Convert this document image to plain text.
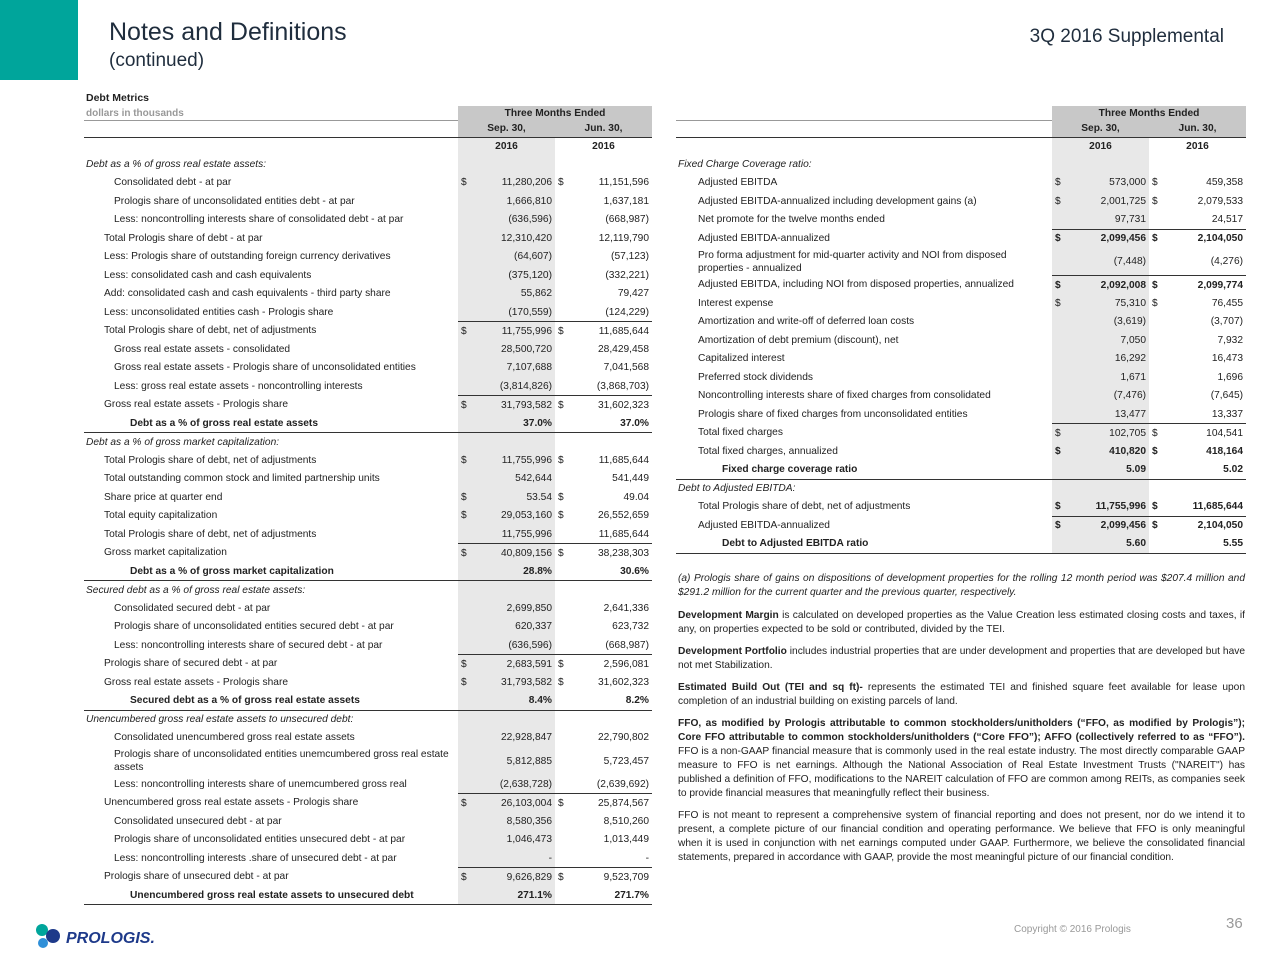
Notes and Definitions
(continued)
3Q 2016 Supplemental
Debt Metrics
dollars in thousands
		Three Months Ended	
	Sep. 30,	Jun. 30,
	2016	2016
Debt as a % of gross real estate assets:	

Consolidated debt - at par	$ 11,280,206	$ 11,151,596
Prologis share of unconsolidated entities debt - at par	1,666,810	1,637,181
Less: noncontrolling interests share of consolidated debt - at par	(636,596)	(668,987)
Total Prologis share of debt - at par	12,310,420	12,119,790
Less: Prologis share of outstanding foreign currency derivatives	(64,607)	(57,123)
Less: consolidated cash and cash equivalents	(375,120)	(332,221)
Add: consolidated cash and cash equivalents - third party share	55,862	79,427
Less: unconsolidated entities cash - Prologis share	(170,559)	(124,229)
Total Prologis share of debt, net of adjustments	$ 11,755,996	$ 11,685,644
Gross real estate assets - consolidated	28,500,720	28,429,458
Gross real estate assets - Prologis share of unconsolidated entities	7,107,688	7,041,568
Less: gross real estate assets - noncontrolling interests	(3,814,826)	(3,868,703)
Gross real estate assets - Prologis share	$ 31,793,582	$ 31,602,323
Debt as a % of gross real estate assets	37.0%	37.0%
Debt as a % of gross market capitalization:	

Total Prologis share of debt, net of adjustments	$ 11,755,996	$ 11,685,644
Total outstanding common stock and limited partnership units	542,644	541,449
Share price at quarter end	$ 53.54	$ 49.04
Total equity capitalization	$ 29,053,160	$ 26,552,659
Total Prologis share of debt, net of adjustments	11,755,996	11,685,644
Gross market capitalization	$ 40,809,156	$ 38,238,303
Debt as a % of gross market capitalization	28.8%	30.6%
Secured debt as a % of gross real estate assets:	

Consolidated secured debt - at par	2,699,850	2,641,336
Prologis share of unconsolidated entities secured debt - at par	620,337	623,732
Less: noncontrolling interests share of secured debt - at par	(636,596)	(668,987)
Prologis share of secured debt - at par	$ 2,683,591	$ 2,596,081
Gross real estate assets - Prologis share	$ 31,793,582	$ 31,602,323
Secured debt as a % of gross real estate assets	8.4%	8.2%
Unencumbered gross real estate assets to unsecured debt:	

Consolidated unencumbered gross real estate assets	22,928,847	22,790,802
Prologis share of unconsolidated entities unemcumbered gross real estate assets	5,812,885	5,723,457
Less: noncontrolling interests share of unemcumbered gross real	(2,638,728)	(2,639,692)
Unencumbered gross real estate assets - Prologis share	$ 26,103,004	$ 25,874,567
Consolidated unsecured debt - at par	8,580,356	8,510,260
Prologis share of unconsolidated entities unsecured debt - at par	1,046,473	1,013,449
Less: noncontrolling interests .share of unsecured debt - at par	-	-
Prologis share of unsecured debt - at par	$ 9,626,829	$ 9,523,709
Unencumbered gross real estate assets to unsecured debt	271.1%	271.7%
	Three Months Ended	
	Sep. 30,	Jun. 30,
	2016	2016
Fixed Charge Coverage ratio:	

Adjusted EBITDA	$ 573,000	$ 459,358
Adjusted EBITDA-annualized including development gains (a)	$ 2,001,725	$ 2,079,533
Net promote for the twelve months ended	97,731	24,517
Adjusted EBITDA-annualized	$ 2,099,456	$ 2,104,050
Pro forma adjustment for mid-quarter activity and NOI from disposed properties - annualized	(7,448)	(4,276)
Adjusted EBITDA, including NOI from disposed properties, annualized	$ 2,092,008	$ 2,099,774
Interest expense	$ 75,310	$ 76,455
Amortization and write-off of deferred loan costs	(3,619)	(3,707)
Amortization of debt premium (discount), net	7,050	7,932
Capitalized interest	16,292	16,473
Preferred stock dividends	1,671	1,696
Noncontrolling interests share of fixed charges from consolidated	(7,476)	(7,645)
Prologis share of fixed charges from unconsolidated entities	13,477	13,337
Total fixed charges	$ 102,705	$ 104,541
Total fixed charges, annualized	$ 410,820	$ 418,164
Fixed charge coverage ratio	5.09	5.02
Debt to Adjusted EBITDA:	

Total Prologis share of debt, net of adjustments	$ 11,755,996	$ 11,685,644
Adjusted EBITDA-annualized	$ 2,099,456	$ 2,104,050
Debt to Adjusted EBITDA ratio	5.60	5.55

(a) Prologis share of gains on dispositions of development properties for the rolling 12 month period was $207.4 million and $291.2 million for the current quarter and the previous quarter, respectively.

Development Margin is calculated on developed properties as the Value Creation less estimated closing costs and taxes, if any, on properties expected to be sold or contributed, divided by the TEI.

Development Portfolio includes industrial properties that are under development and properties that are developed but have not met Stabilization.

Estimated Build Out (TEI and sq ft)- represents the estimated TEI and finished square feet available for lease upon completion of an industrial building on existing parcels of land.

FFO, as modified by Prologis attributable to common stockholders/unitholders (“FFO, as modified by Prologis”); Core FFO attributable to common stockholders/unitholders (“Core FFO”); AFFO (collectively referred to as “FFO”). FFO is a non-GAAP financial measure that is commonly used in the real estate industry. The most directly comparable GAAP measure to FFO is net earnings. Although the National Association of Real Estate Investment Trusts ("NAREIT") has published a definition of FFO, modifications to the NAREIT calculation of FFO are common among REITs, as companies seek to provide financial measures that meaningfully reflect their business.

FFO is not meant to represent a comprehensive system of financial reporting and does not present, nor do we intend it to present, a complete picture of our financial condition and operating performance. We believe that FFO is only meaningful when it is used in conjunction with net earnings computed under GAAP. Furthermore, we believe the consolidated financial statements, prepared in accordance with GAAP, provide the most meaningful picture of our financial condition.

PROLOGIS.
Copyright © 2016 Prologis	36
